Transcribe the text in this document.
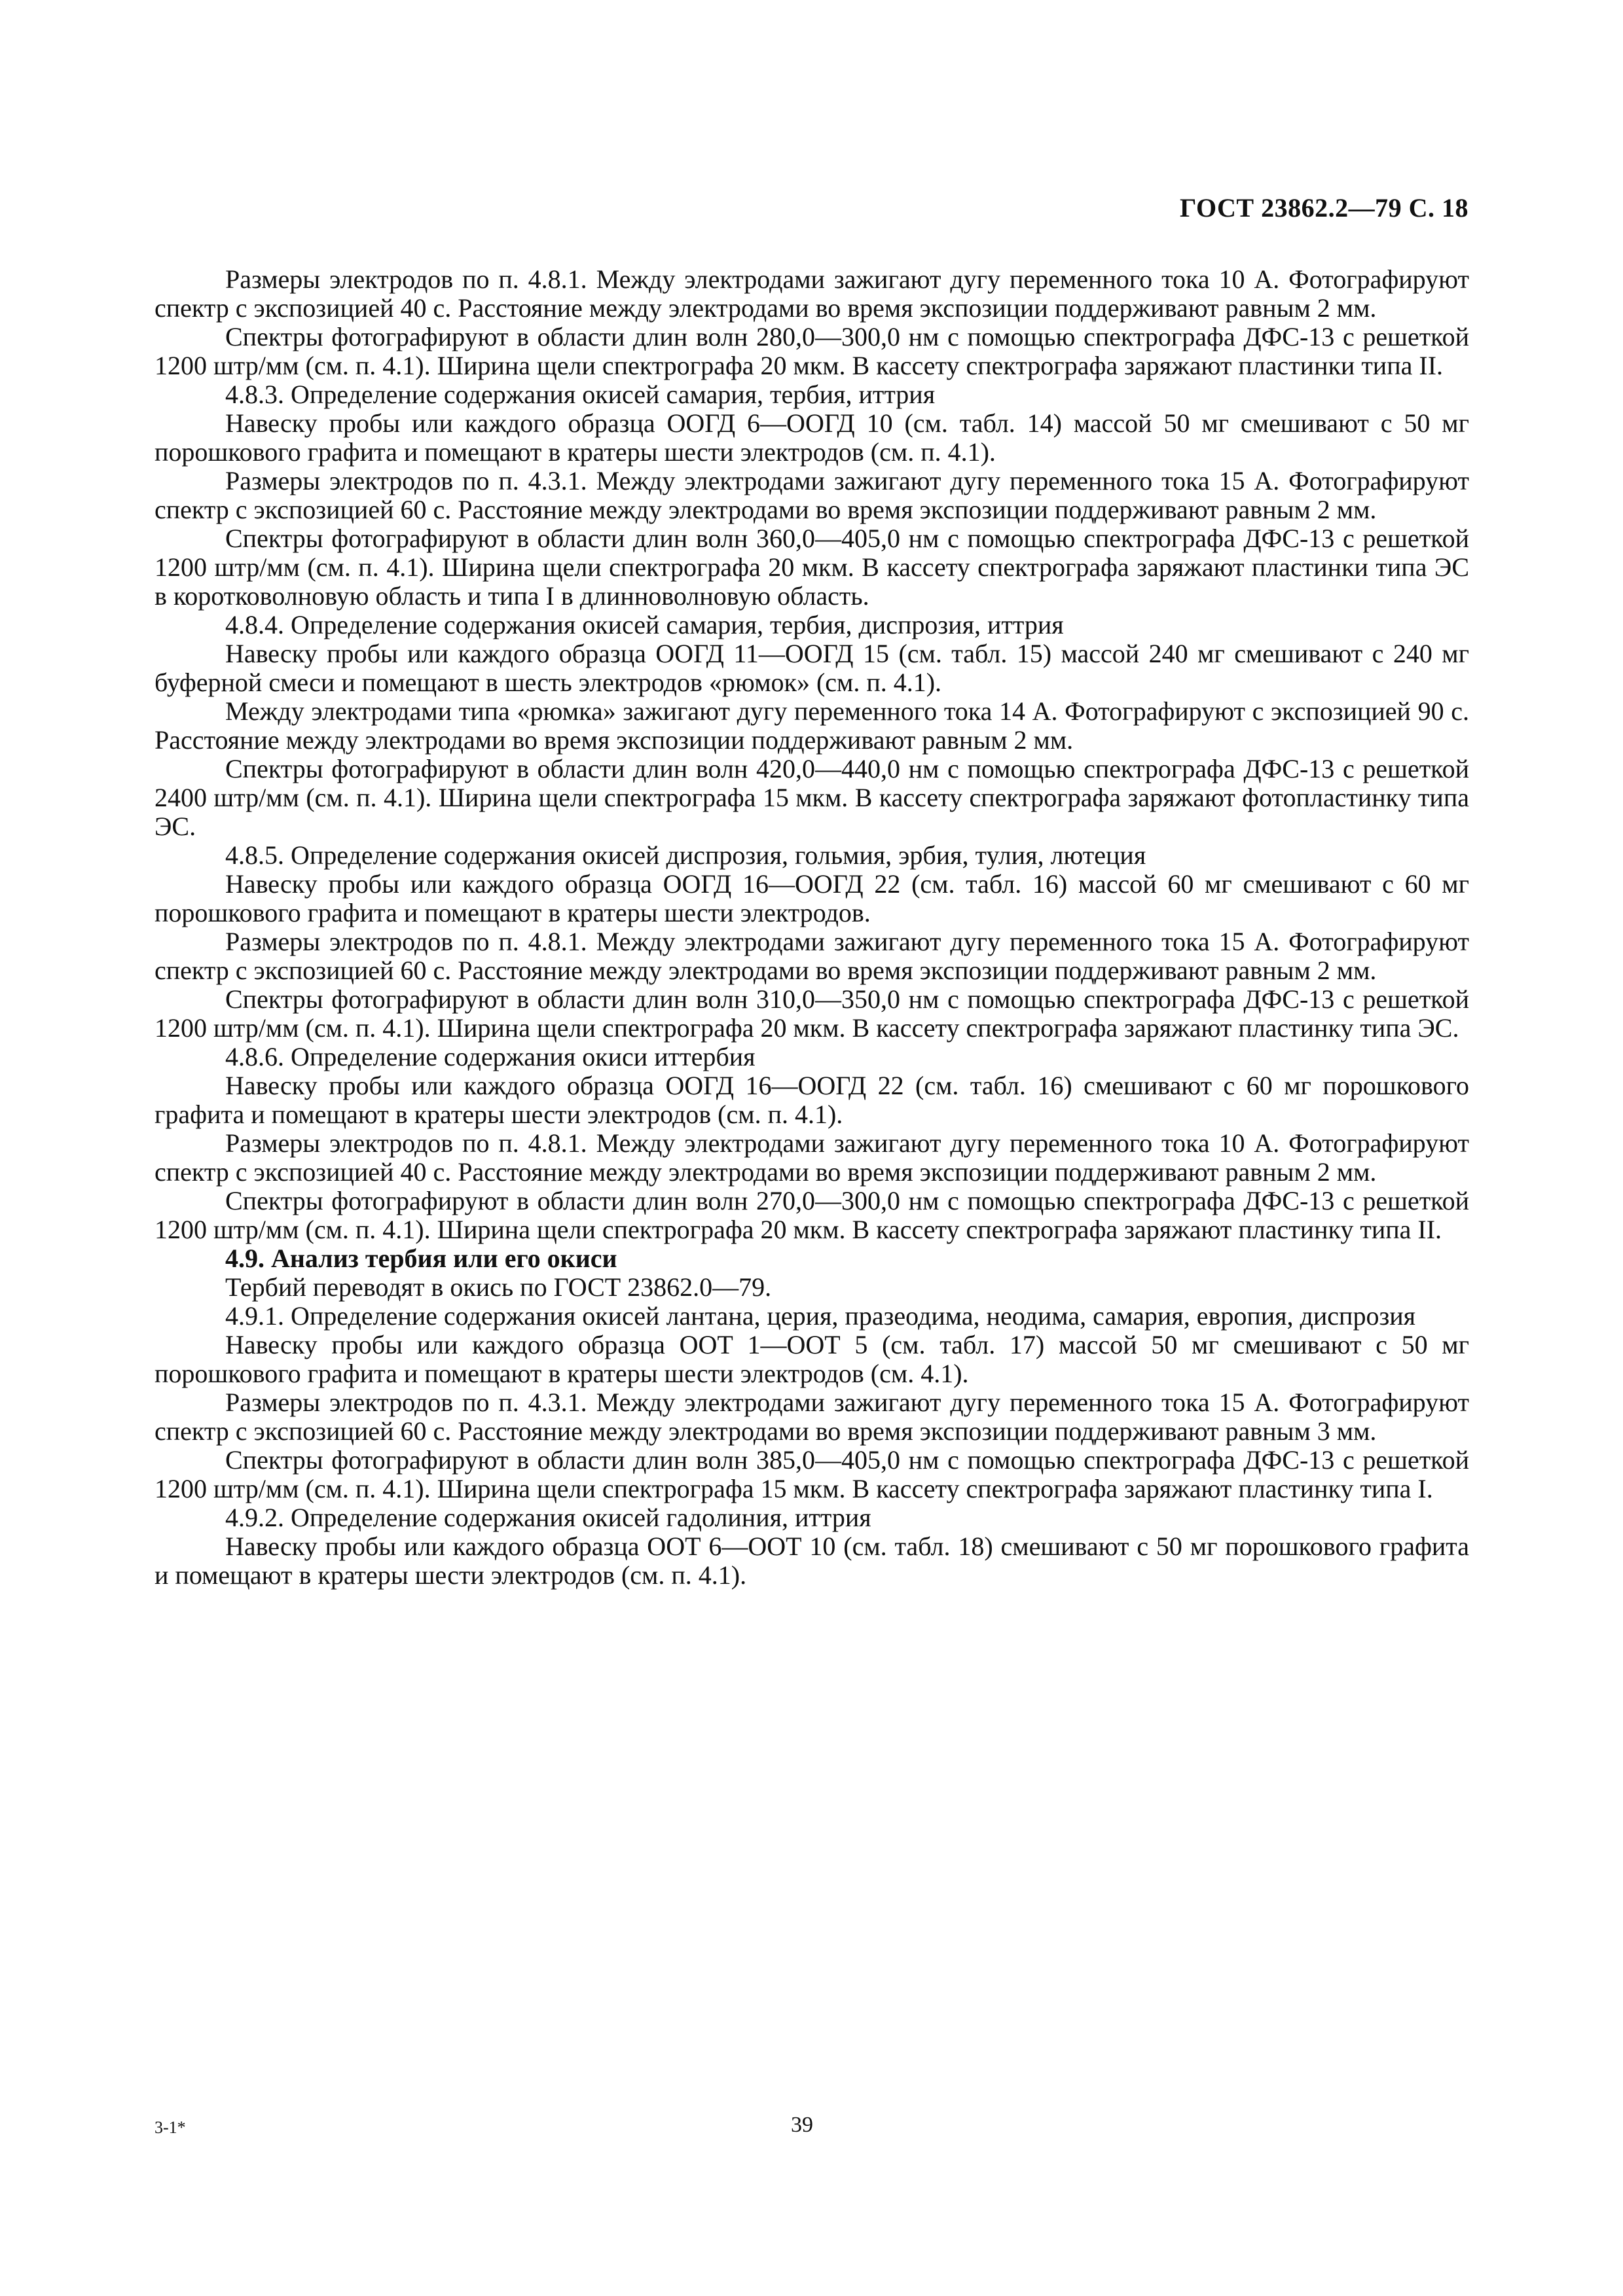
ГОСТ 23862.2—79 С. 18

Размеры электродов по п. 4.8.1. Между электродами зажигают дугу переменного тока 10 А. Фотографируют спектр с экспозицией 40 с. Расстояние между электродами во время экспозиции поддерживают равным 2 мм.

Спектры фотографируют в области длин волн 280,0—300,0 нм с помощью спектрографа ДФС-13 с решеткой 1200 штр/мм (см. п. 4.1). Ширина щели спектрографа 20 мкм. В кассету спектрографа заряжают пластинки типа II.

4.8.3. Определение содержания окисей самария, тербия, иттрия

Навеску пробы или каждого образца ООГД 6—ООГД 10 (см. табл. 14) массой 50 мг смешивают с 50 мг порошкового графита и помещают в кратеры шести электродов (см. п. 4.1).

Размеры электродов по п. 4.3.1. Между электродами зажигают дугу переменного тока 15 А. Фотографируют спектр с экспозицией 60 с. Расстояние между электродами во время экспозиции поддерживают равным 2 мм.

Спектры фотографируют в области длин волн 360,0—405,0 нм с помощью спектрографа ДФС-13 с решеткой 1200 штр/мм (см. п. 4.1). Ширина щели спектрографа 20 мкм. В кассету спектрографа заряжают пластинки типа ЭС в коротковолновую область и типа I в длинноволновую область.

4.8.4. Определение содержания окисей самария, тербия, диспрозия, иттрия

Навеску пробы или каждого образца ООГД 11—ООГД 15 (см. табл. 15) массой 240 мг смешивают с 240 мг буферной смеси и помещают в шесть электродов «рюмок» (см. п. 4.1).

Между электродами типа «рюмка» зажигают дугу переменного тока 14 А. Фотографируют с экспозицией 90 с. Расстояние между электродами во время экспозиции поддерживают равным 2 мм.

Спектры фотографируют в области длин волн 420,0—440,0 нм с помощью спектрографа ДФС-13 с решеткой 2400 штр/мм (см. п. 4.1). Ширина щели спектрографа 15 мкм. В кассету спектрографа заряжают фотопластинку типа ЭС.

4.8.5. Определение содержания окисей диспрозия, гольмия, эрбия, тулия, лютеция

Навеску пробы или каждого образца ООГД 16—ООГД 22 (см. табл. 16) массой 60 мг смешивают с 60 мг порошкового графита и помещают в кратеры шести электродов.

Размеры электродов по п. 4.8.1. Между электродами зажигают дугу переменного тока 15 А. Фотографируют спектр с экспозицией 60 с. Расстояние между электродами во время экспозиции поддерживают равным 2 мм.

Спектры фотографируют в области длин волн 310,0—350,0 нм с помощью спектрографа ДФС-13 с решеткой 1200 штр/мм (см. п. 4.1). Ширина щели спектрографа 20 мкм. В кассету спектрографа заряжают пластинку типа ЭС.

4.8.6. Определение содержания окиси иттербия

Навеску пробы или каждого образца ООГД 16—ООГД 22 (см. табл. 16) смешивают с 60 мг порошкового графита и помещают в кратеры шести электродов (см. п. 4.1).

Размеры электродов по п. 4.8.1. Между электродами зажигают дугу переменного тока 10 А. Фотографируют спектр с экспозицией 40 с. Расстояние между электродами во время экспозиции поддерживают равным 2 мм.

Спектры фотографируют в области длин волн 270,0—300,0 нм с помощью спектрографа ДФС-13 с решеткой 1200 штр/мм (см. п. 4.1). Ширина щели спектрографа 20 мкм. В кассету спектрографа заряжают пластинку типа II.

4.9. Анализ тербия или его окиси

Тербий переводят в окись по ГОСТ 23862.0—79.

4.9.1. Определение содержания окисей лантана, церия, празеодима, неодима, самария, европия, диспрозия

Навеску пробы или каждого образца ООТ 1—ООТ 5 (см. табл. 17) массой 50 мг смешивают с 50 мг порошкового графита и помещают в кратеры шести электродов (см. 4.1).

Размеры электродов по п. 4.3.1. Между электродами зажигают дугу переменного тока 15 А. Фотографируют спектр с экспозицией 60 с. Расстояние между электродами во время экспозиции поддерживают равным 3 мм.

Спектры фотографируют в области длин волн 385,0—405,0 нм с помощью спектрографа ДФС-13 с решеткой 1200 штр/мм (см. п. 4.1). Ширина щели спектрографа 15 мкм. В кассету спектрографа заряжают пластинку типа I.

4.9.2. Определение содержания окисей гадолиния, иттрия

Навеску пробы или каждого образца ООТ 6—ООТ 10 (см. табл. 18) смешивают с 50 мг порошкового графита и помещают в кратеры шести электродов (см. п. 4.1).

3-1*	39
